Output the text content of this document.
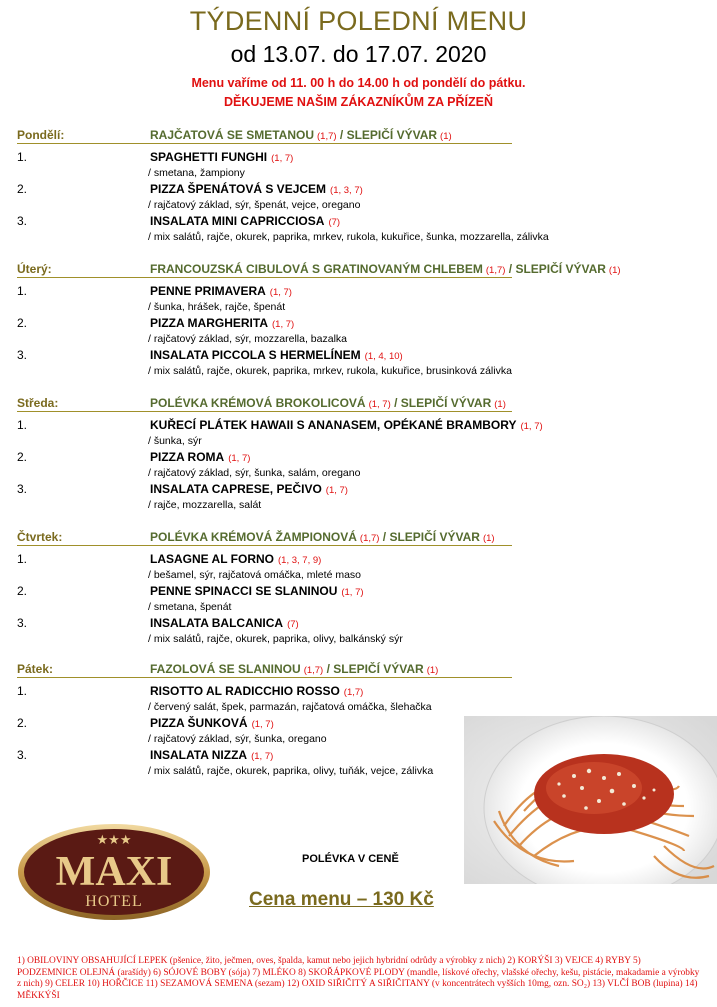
TÝDENNÍ POLEDNÍ MENU
od 13.07. do 17.07. 2020
Menu vaříme od 11. 00 h do 14.00 h od pondělí do pátku.
DĚKUJEME NAŠIM ZÁKAZNÍKŮM ZA PŘÍZEŇ
Pondělí:	RAJČATOVÁ SE SMETANOU (1,7) / SLEPIČÍ VÝVAR (1)
1.	SPAGHETTI FUNGHI (1, 7)
/ smetana, žampiony
2.	PIZZA ŠPENÁTOVÁ S VEJCEM (1, 3, 7)
/ rajčatový základ, sýr, špenát, vejce, oregano
3.	INSALATA MINI CAPRICCIOSA (7)
/ mix salátů, rajče, okurek, paprika, mrkev, rukola, kukuřice, šunka, mozzarella, zálivka
Úterý:	FRANCOUZSKÁ CIBULOVÁ S GRATINOVANÝM CHLEBEM (1,7) / SLEPIČÍ VÝVAR (1)
1.	PENNE PRIMAVERA (1, 7)
/ šunka, hrášek, rajče, špenát
2.	PIZZA MARGHERITA (1, 7)
/ rajčatový základ, sýr, mozzarella, bazalka
3.	INSALATA PICCOLA S HERMELÍNEM (1, 4, 10)
/ mix salátů, rajče, okurek, paprika, mrkev, rukola, kukuřice, brusinková zálivka
Středa:	POLÉVKA KRÉMOVÁ BROKOLICOVÁ (1, 7) / SLEPIČÍ VÝVAR (1)
1.	KUŘECÍ PLÁTEK HAWAII S ANANASEM, OPÉKANÉ BRAMBORY (1, 7)
/ šunka, sýr
2.	PIZZA ROMA (1, 7)
/ rajčatový základ, sýr, šunka, salám, oregano
3.	INSALATA CAPRESE, PEČIVO (1, 7)
/ rajče, mozzarella, salát
Čtvrtek:	POLÉVKA KRÉMOVÁ ŽAMPIONOVÁ (1,7) / SLEPIČÍ VÝVAR (1)
1.	LASAGNE AL FORNO (1, 3, 7, 9)
/ bešamel, sýr, rajčatová omáčka, mleté maso
2.	PENNE SPINACCI SE SLANINOU (1, 7)
/ smetana, špenát
3.	INSALATA BALCANICA (7)
/ mix salátů, rajče, okurek, paprika, olivy, balkánský sýr
Pátek:	FAZOLOVÁ SE SLANINOU (1,7) / SLEPIČÍ VÝVAR (1)
1.	RISOTTO AL RADICCHIO ROSSO (1,7)
/ červený salát, špek, parmazán, rajčatová omáčka, šlehačka
2.	PIZZA ŠUNKOVÁ (1, 7)
/ rajčatový základ, sýr, šunka, oregano
3.	INSALATA NIZZA (1, 7)
/ mix salátů, rajče, okurek, paprika, olivy, tuňák, vejce, zálivka
★★★
MAXI
HOTEL
POLÉVKA V CENĚ
Cena menu – 130 Kč
1) OBILOVINY OBSAHUJÍCÍ LEPEK (pšenice, žito, ječmen, oves, špalda, kamut nebo jejich hybridní odrůdy a výrobky z nich) 2) KORÝŠI 3) VEJCE 4) RYBY 5) PODZEMNICE OLEJNÁ (arašídy) 6) SÓJOVÉ BOBY (sója) 7) MLÉKO 8) SKOŘÁPKOVÉ PLODY (mandle, lískové ořechy, vlašské ořechy, kešu, pistácie, makadamie a výrobky z nich) 9) CELER 10) HOŘČICE 11) SEZAMOVÁ SEMENA (sezam) 12) OXID SIŘIČITÝ A SIŘIČITANY (v koncentrátech vyšších 10mg, ozn. SO₂) 13) VLČÍ BOB (lupina) 14) MĚKKÝŠI
